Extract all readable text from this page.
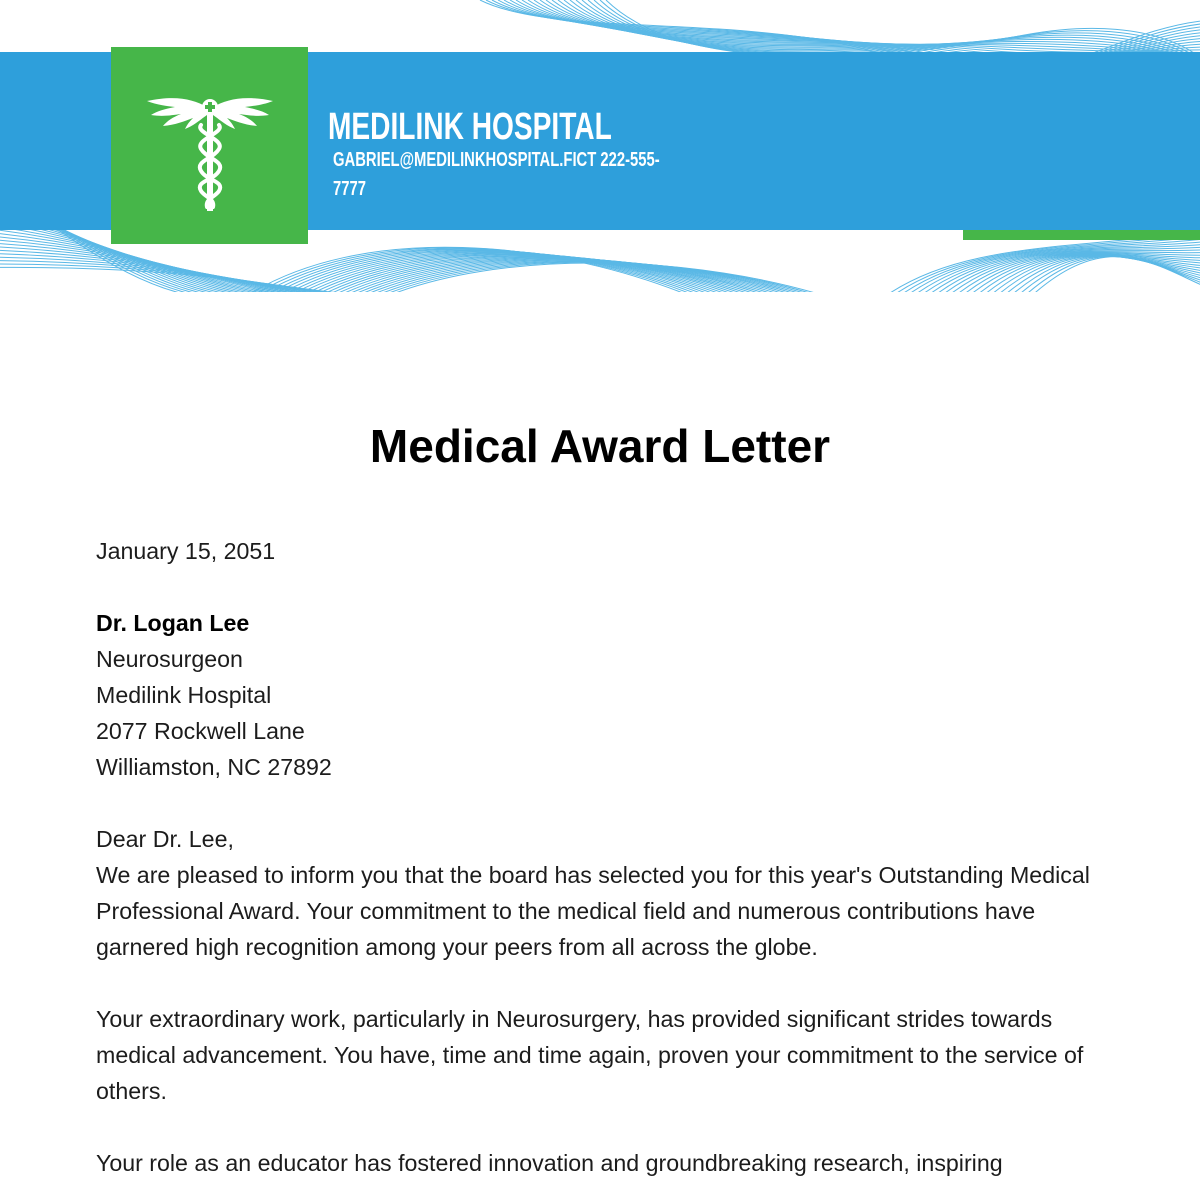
MEDILINK HOSPITAL
GABRIEL@MEDILINKHOSPITAL.FICT 222-555-7777
Medical Award Letter
January 15, 2051
Dr. Logan Lee
Neurosurgeon
Medilink Hospital
2077 Rockwell Lane
Williamston, NC 27892

Dear Dr. Lee,

We are pleased to inform you that the board has selected you for this year's Outstanding Medical Professional Award. Your commitment to the medical field and numerous contributions have garnered high recognition among your peers from all across the globe.

Your extraordinary work, particularly in Neurosurgery, has provided significant strides towards medical advancement. You have, time and time again, proven your commitment to the service of others.

Your role as an educator has fostered innovation and groundbreaking research, inspiring
